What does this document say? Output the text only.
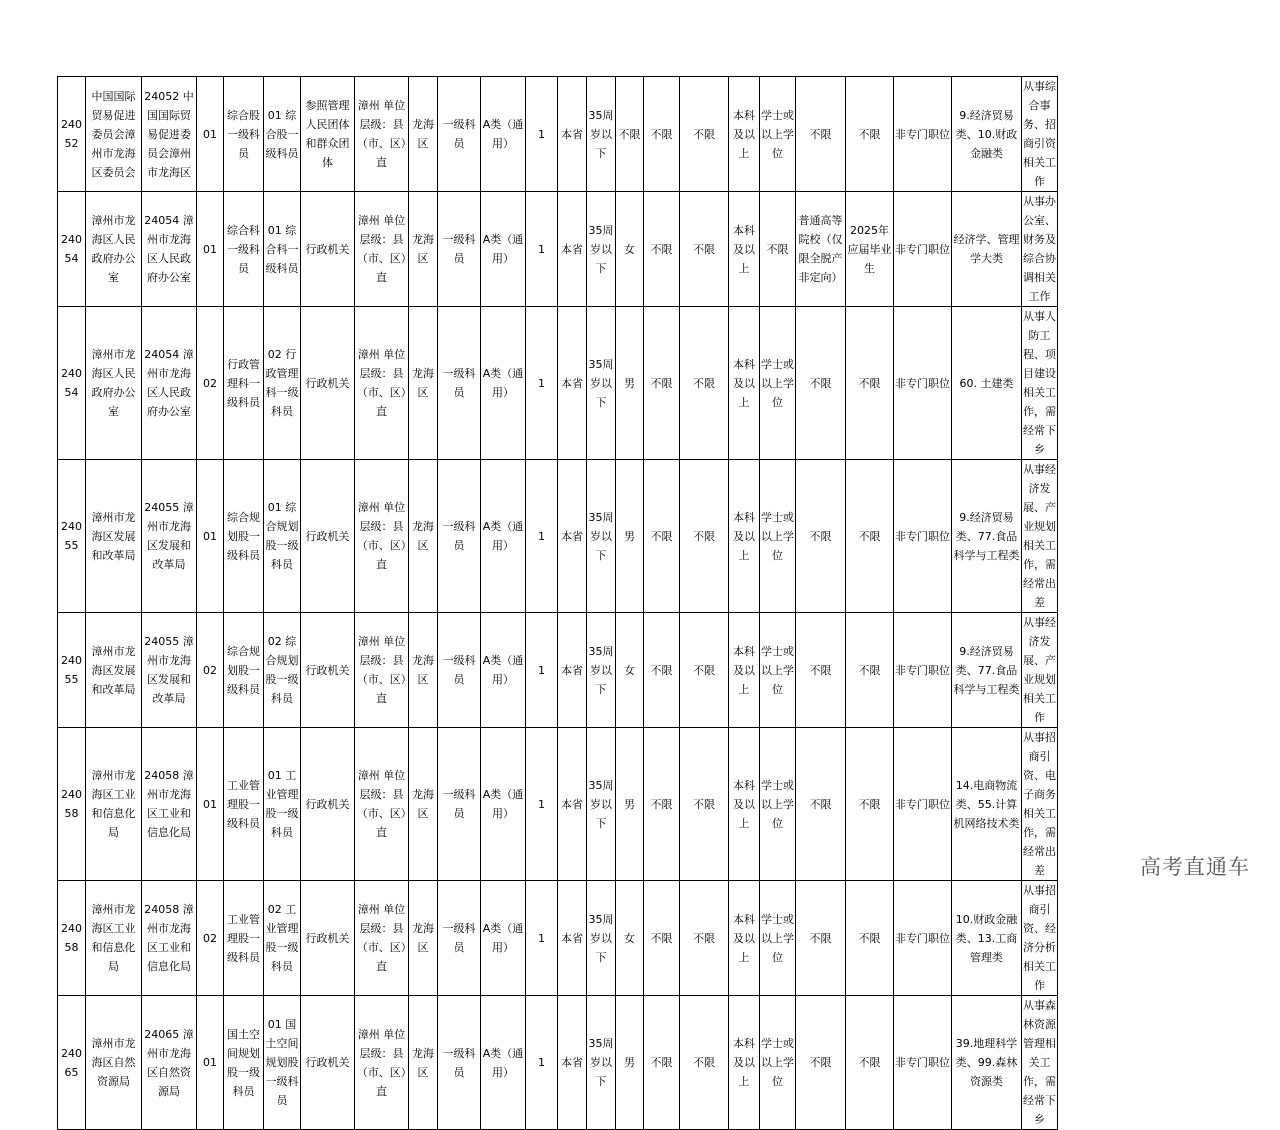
24052	中国国际贸易促进委员会漳州市龙海区委员会	24052 中国国际贸易促进委员会漳州市龙海区	01	综合股一级科员	01 综合股一级科员	参照管理人民团体和群众团体	漳州 单位层级：县（市、区）直	龙海区	一级科员	A类（通用）	1	本省	35周岁以下	不限	不限	不限	本科及以上	学士或以上学位	不限	不限	非专门职位	9.经济贸易类、10.财政金融类	从事综合事务、招商引资相关工作
24054	漳州市龙海区人民政府办公室	24054 漳州市龙海区人民政府办公室	01	综合科一级科员	01 综合科一级科员	行政机关	漳州 单位层级：县（市、区）直	龙海区	一级科员	A类（通用）	1	本省	35周岁以下	女	不限	不限	本科及以上	不限	普通高等院校（仅限全脱产非定向）	2025年应届毕业生	非专门职位	经济学、管理学大类	从事办公室、财务及综合协调相关工作
24054	漳州市龙海区人民政府办公室	24054 漳州市龙海区人民政府办公室	02	行政管理科一级科员	02 行政管理科一级科员	行政机关	漳州 单位层级：县（市、区）直	龙海区	一级科员	A类（通用）	1	本省	35周岁以下	男	不限	不限	本科及以上	学士或以上学位	不限	不限	非专门职位	60. 土建类	从事人防工程、项目建设相关工作，需经常下乡
24055	漳州市龙海区发展和改革局	24055 漳州市龙海区发展和改革局	01	综合规划股一级科员	01 综合规划股一级科员	行政机关	漳州 单位层级：县（市、区）直	龙海区	一级科员	A类（通用）	1	本省	35周岁以下	男	不限	不限	本科及以上	学士或以上学位	不限	不限	非专门职位	9.经济贸易类、77.食品科学与工程类	从事经济发展、产业规划相关工作，需经常出差
24055	漳州市龙海区发展和改革局	24055 漳州市龙海区发展和改革局	02	综合规划股一级科员	02 综合规划股一级科员	行政机关	漳州 单位层级：县（市、区）直	龙海区	一级科员	A类（通用）	1	本省	35周岁以下	女	不限	不限	本科及以上	学士或以上学位	不限	不限	非专门职位	9.经济贸易类、77.食品科学与工程类	从事经济发展、产业规划相关工作
24058	漳州市龙海区工业和信息化局	24058 漳州市龙海区工业和信息化局	01	工业管理股一级科员	01 工业管理股一级科员	行政机关	漳州 单位层级：县（市、区）直	龙海区	一级科员	A类（通用）	1	本省	35周岁以下	男	不限	不限	本科及以上	学士或以上学位	不限	不限	非专门职位	14.电商物流类、55.计算机网络技术类	从事招商引资、电子商务相关工作，需经常出差
24058	漳州市龙海区工业和信息化局	24058 漳州市龙海区工业和信息化局	02	工业管理股一级科员	02 工业管理股一级科员	行政机关	漳州 单位层级：县（市、区）直	龙海区	一级科员	A类（通用）	1	本省	35周岁以下	女	不限	不限	本科及以上	学士或以上学位	不限	不限	非专门职位	10.财政金融类、13.工商管理类	从事招商引资、经济分析相关工作
24065	漳州市龙海区自然资源局	24065 漳州市龙海区自然资源局	01	国土空间规划股一级科员	01 国土空间规划股一级科员	行政机关	漳州 单位层级：县（市、区）直	龙海区	一级科员	A类（通用）	1	本省	35周岁以下	男	不限	不限	本科及以上	学士或以上学位	不限	不限	非专门职位	39.地理科学类、99.森林资源类	从事森林资源管理相关工作，需经常下乡
高考直通车
